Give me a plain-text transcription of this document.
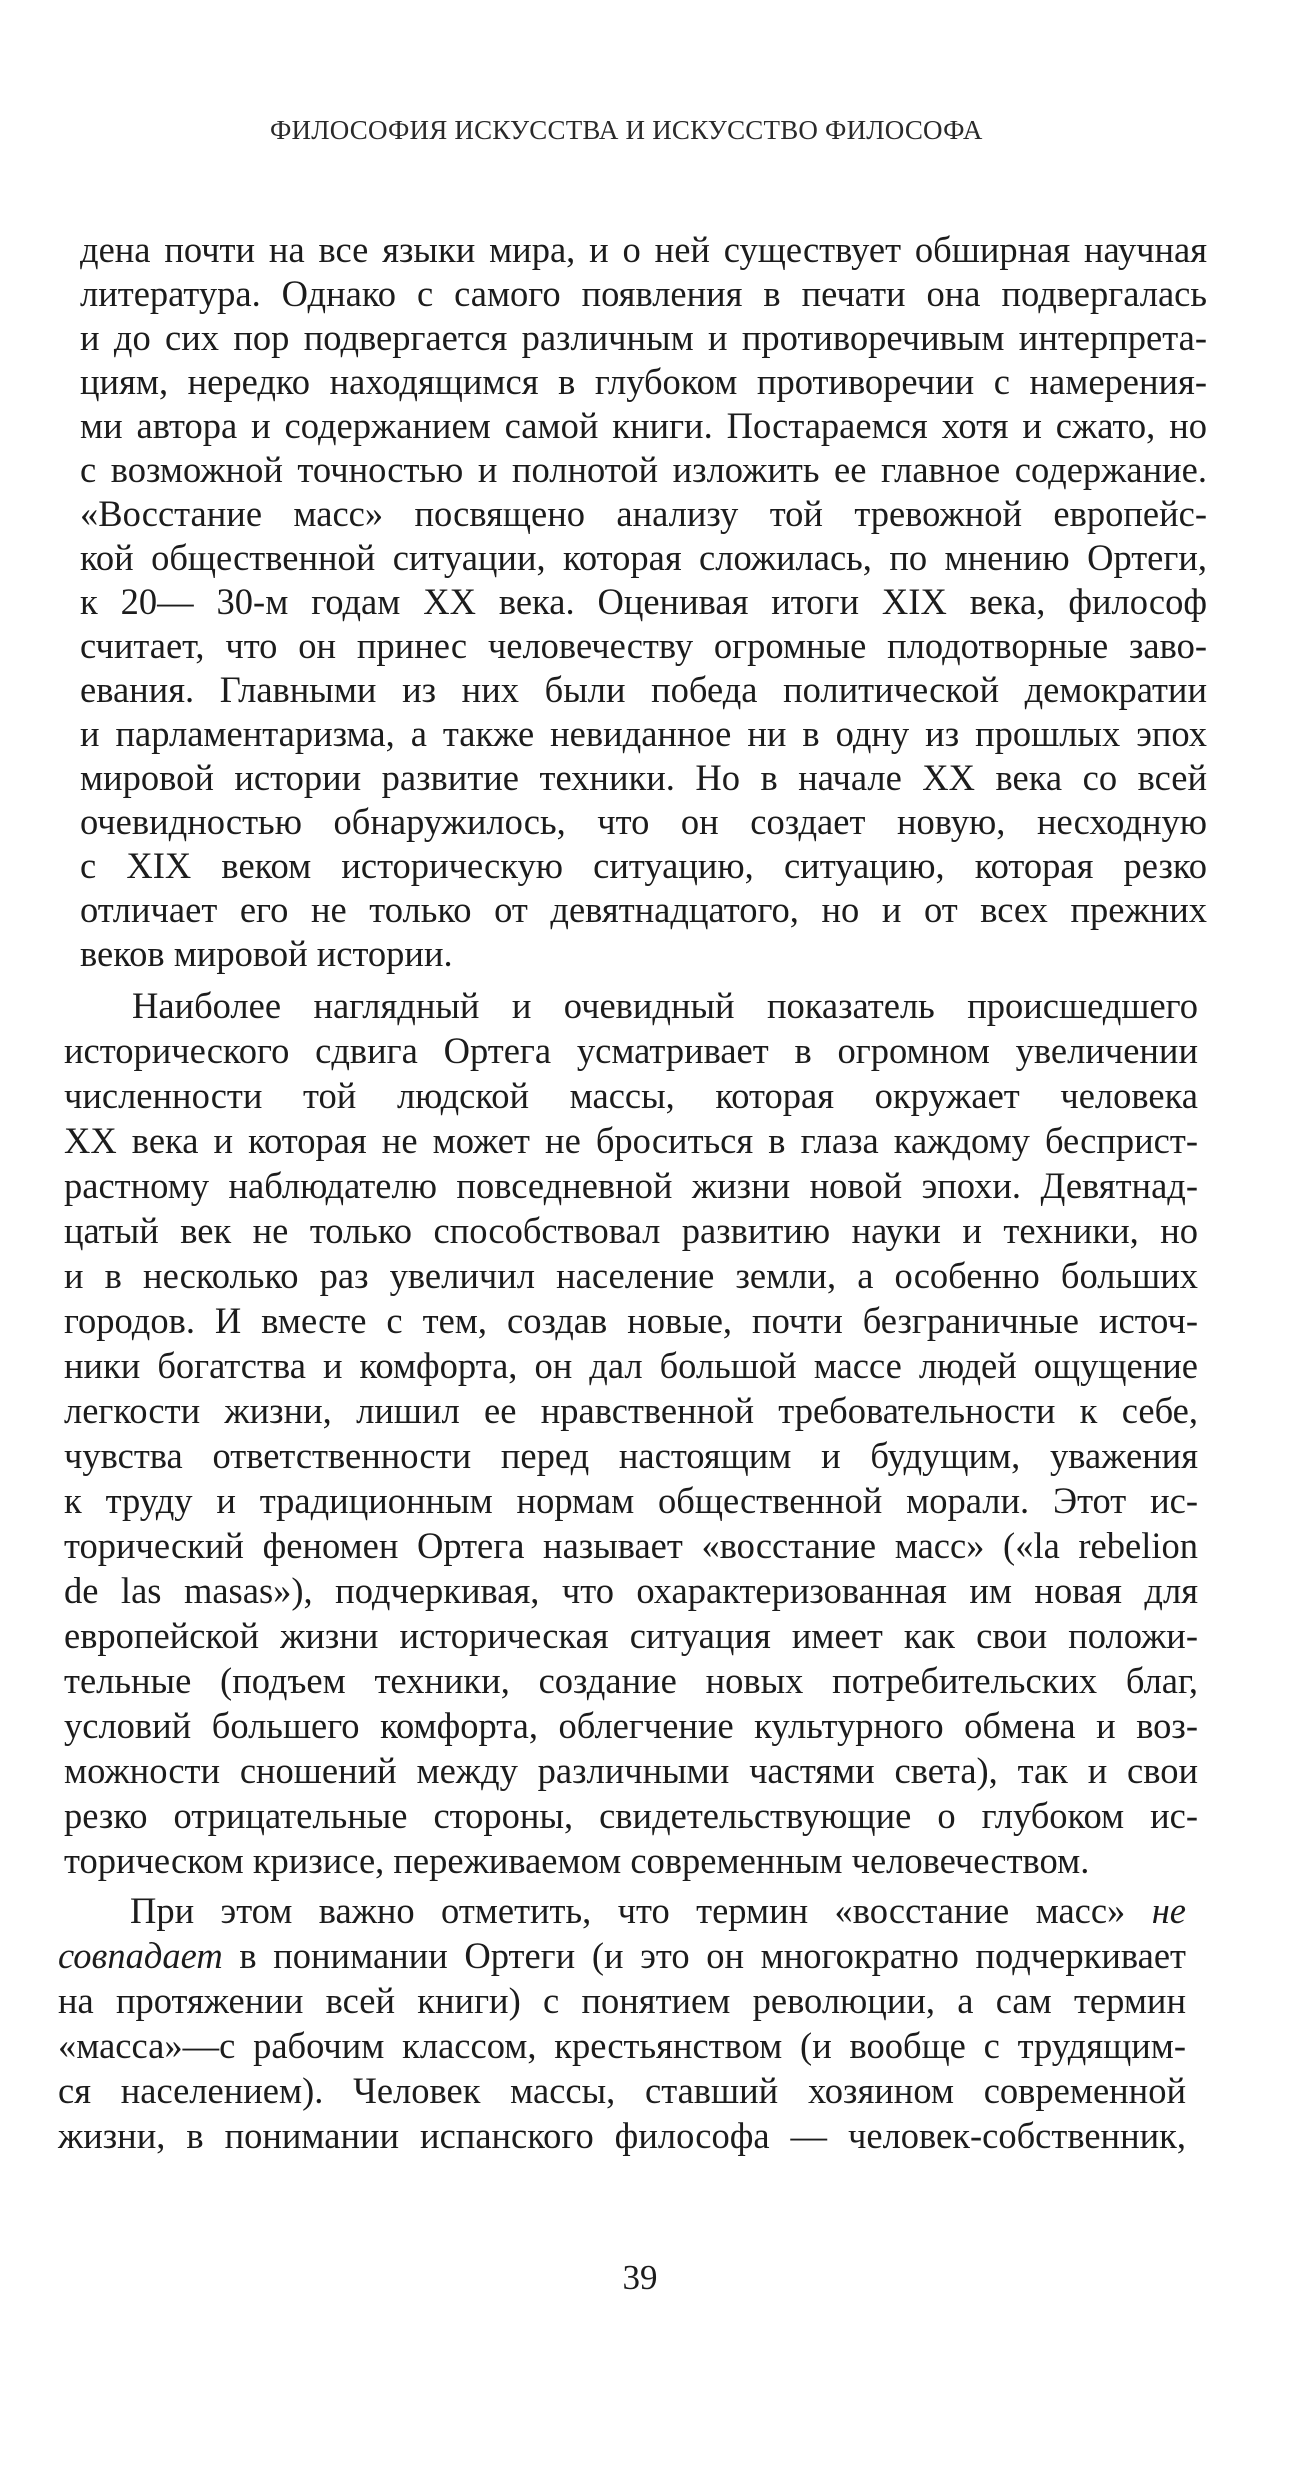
ФИЛОСОФИЯ ИСКУССТВА И ИСКУССТВО ФИЛОСОФА
дена почти на все языки мира, и о ней существует обширная научная
литература. Однако с самого появления в печати она подвергалась
и до сих пор подвергается различным и противоречивым интерпрета-
циям, нередко находящимся в глубоком противоречии с намерения-
ми автора и содержанием самой книги. Постараемся хотя и сжато, но
с возможной точностью и полнотой изложить ее главное содержание.
«Восстание масс» посвящено анализу той тревожной европейс-
кой общественной ситуации, которая сложилась, по мнению Ортеги,
к 20— 30-м годам XX века. Оценивая итоги XIX века, философ
считает, что он принес человечеству огромные плодотворные заво-
евания. Главными из них были победа политической демократии
и парламентаризма, а также невиданное ни в одну из прошлых эпох
мировой истории развитие техники. Но в начале XX века со всей
очевидностью обнаружилось, что он создает новую, несходную
с XIX веком историческую ситуацию, ситуацию, которая резко
отличает его не только от девятнадцатого, но и от всех прежних
веков мировой истории.
Наиболее наглядный и очевидный показатель происшедшего
исторического сдвига Ортега усматривает в огромном увеличении
численности той людской массы, которая окружает человека
XX века и которая не может не броситься в глаза каждому бесприст-
растному наблюдателю повседневной жизни новой эпохи. Девятнад-
цатый век не только способствовал развитию науки и техники, но
и в несколько раз увеличил население земли, а особенно больших
городов. И вместе с тем, создав новые, почти безграничные источ-
ники богатства и комфорта, он дал большой массе людей ощущение
легкости жизни, лишил ее нравственной требовательности к себе,
чувства ответственности перед настоящим и будущим, уважения
к труду и традиционным нормам общественной морали. Этот ис-
торический феномен Ортега называет «восстание масс» («la rebelion
de las masas»), подчеркивая, что охарактеризованная им новая для
европейской жизни историческая ситуация имеет как свои положи-
тельные (подъем техники, создание новых потребительских благ,
условий большего комфорта, облегчение культурного обмена и воз-
можности сношений между различными частями света), так и свои
резко отрицательные стороны, свидетельствующие о глубоком ис-
торическом кризисе, переживаемом современным человечеством.
При этом важно отметить, что термин «восстание масс» не
совпадает в понимании Ортеги (и это он многократно подчеркивает
на протяжении всей книги) с понятием революции, а сам термин
«масса»—с рабочим классом, крестьянством (и вообще с трудящим-
ся населением). Человек массы, ставший хозяином современной
жизни, в понимании испанского философа — человек-собственник,
39
